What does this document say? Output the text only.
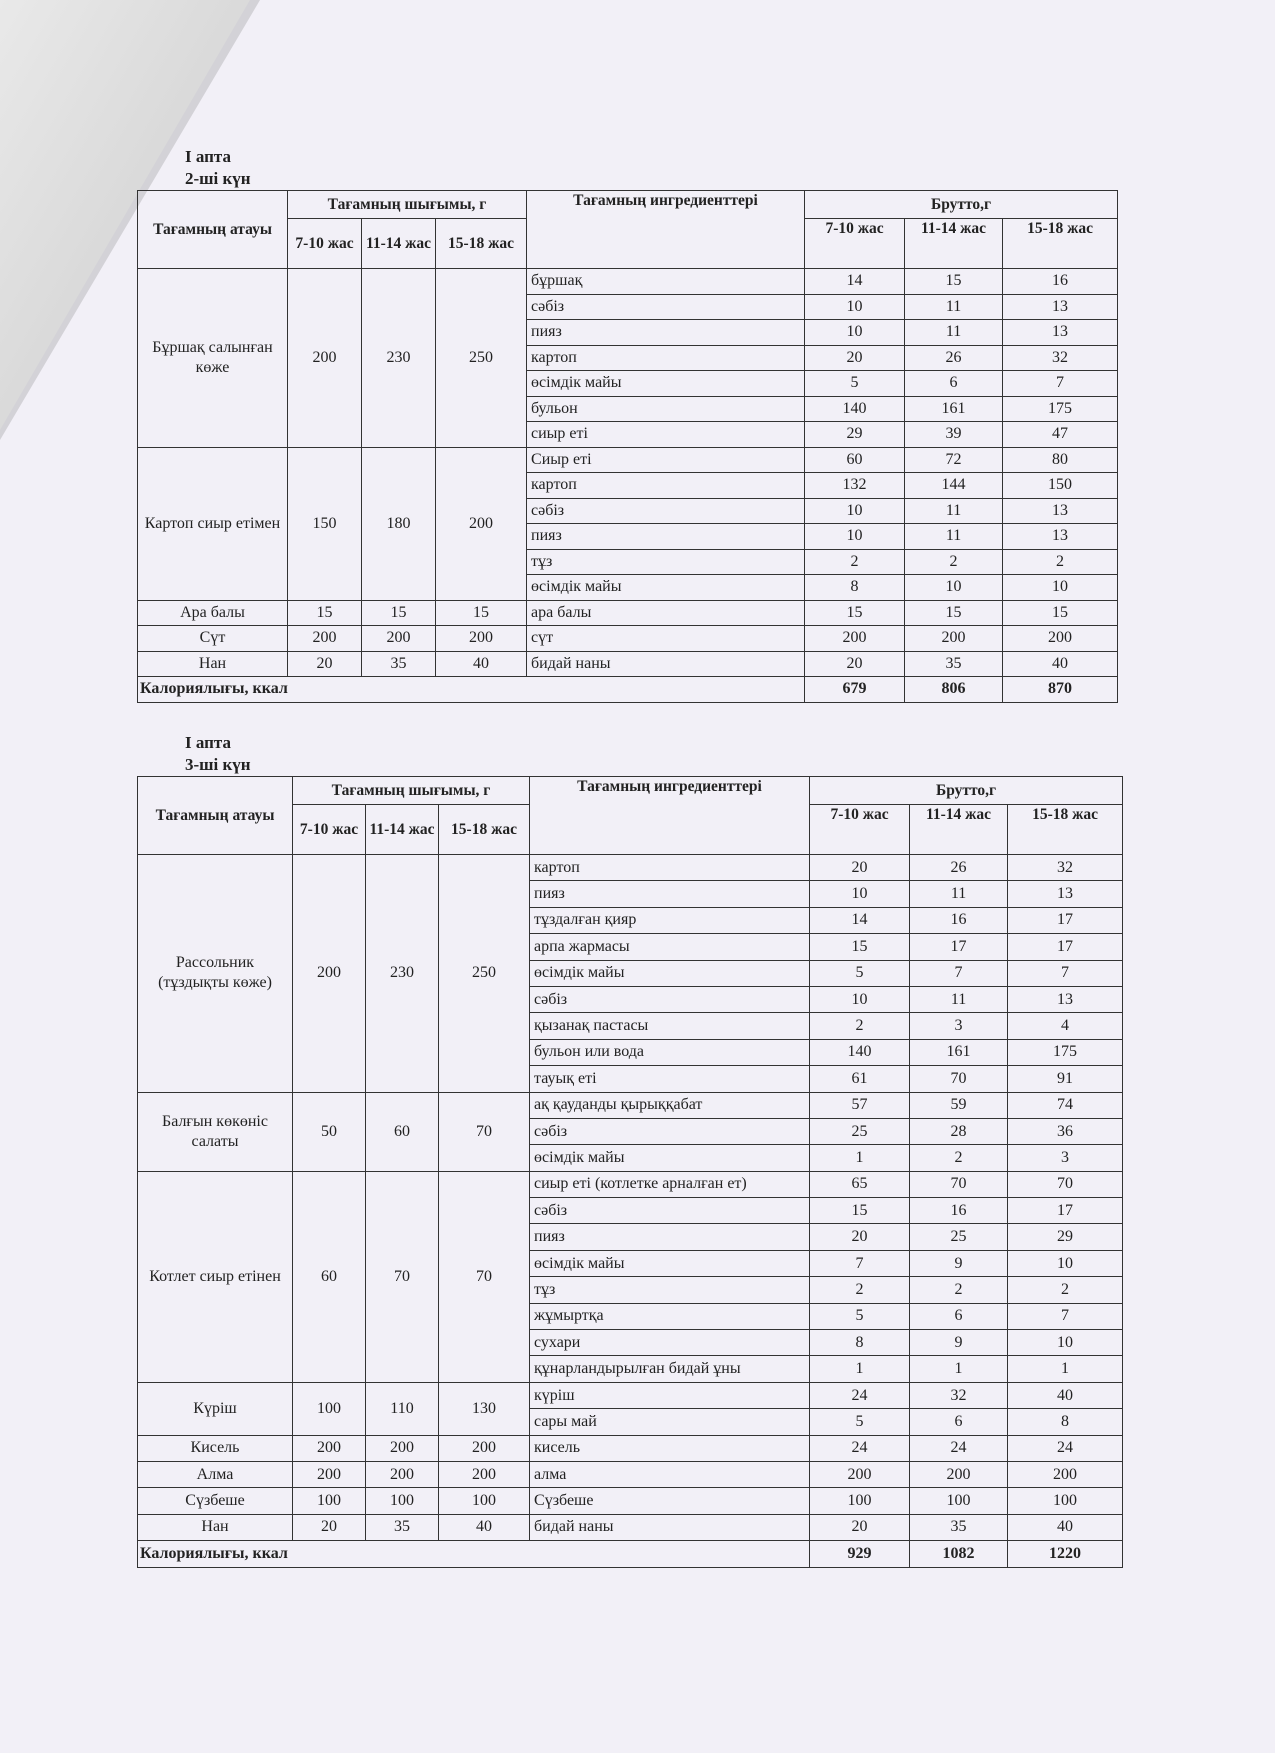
I апта
2-ші күн
Тағамның атауы	Тағамның шығымы, г			Тағамның ингредиенттері	Брутто,г		
	7-10 жас	11-14 жас	15-18 жас		7-10 жас	11-14 жас	15-18 жас
Бұршақ салынған көже	200	230	250	бұршақ	14	15	16
				сәбіз	10	11	13
				пияз	10	11	13
				картоп	20	26	32
				өсімдік майы	5	6	7
				бульон	140	161	175
				сиыр еті	29	39	47
Картоп сиыр етімен	150	180	200	Сиыр еті	60	72	80
				картоп	132	144	150
				сәбіз	10	11	13
				пияз	10	11	13
				тұз	2	2	2
				өсімдік майы	8	10	10
Ара балы	15	15	15	ара балы	15	15	15
Сүт	200	200	200	сүт	200	200	200
Нан	20	35	40	бидай наны	20	35	40
Калориялығы, ккал					679	806	870
I апта
3-ші күн
Тағамның атауы	Тағамның шығымы, г			Тағамның ингредиенттері	Брутто,г		
	7-10 жас	11-14 жас	15-18 жас		7-10 жас	11-14 жас	15-18 жас
Рассольник (тұздықты көже)	200	230	250	картоп	20	26	32
				пияз	10	11	13
				тұздалған қияр	14	16	17
				арпа жармасы	15	17	17
				өсімдік майы	5	7	7
				сәбіз	10	11	13
				қызанақ пастасы	2	3	4
				бульон или вода	140	161	175
				тауық еті	61	70	91
Балғын көкөніс салаты	50	60	70	ақ қауданды қырыққабат	57	59	74
				сәбіз	25	28	36
				өсімдік майы	1	2	3
Котлет сиыр етінен	60	70	70	сиыр еті (котлетке арналған ет)	65	70	70
				сәбіз	15	16	17
				пияз	20	25	29
				өсімдік майы	7	9	10
				тұз	2	2	2
				жұмыртқа	5	6	7
				сухари	8	9	10
				құнарландырылған бидай ұны	1	1	1
Күріш	100	110	130	күріш	24	32	40
				сары май	5	6	8
Кисель	200	200	200	кисель	24	24	24
Алма	200	200	200	алма	200	200	200
Сүзбеше	100	100	100	Сүзбеше	100	100	100
Нан	20	35	40	бидай наны	20	35	40
Калориялығы, ккал					929	1082	1220
